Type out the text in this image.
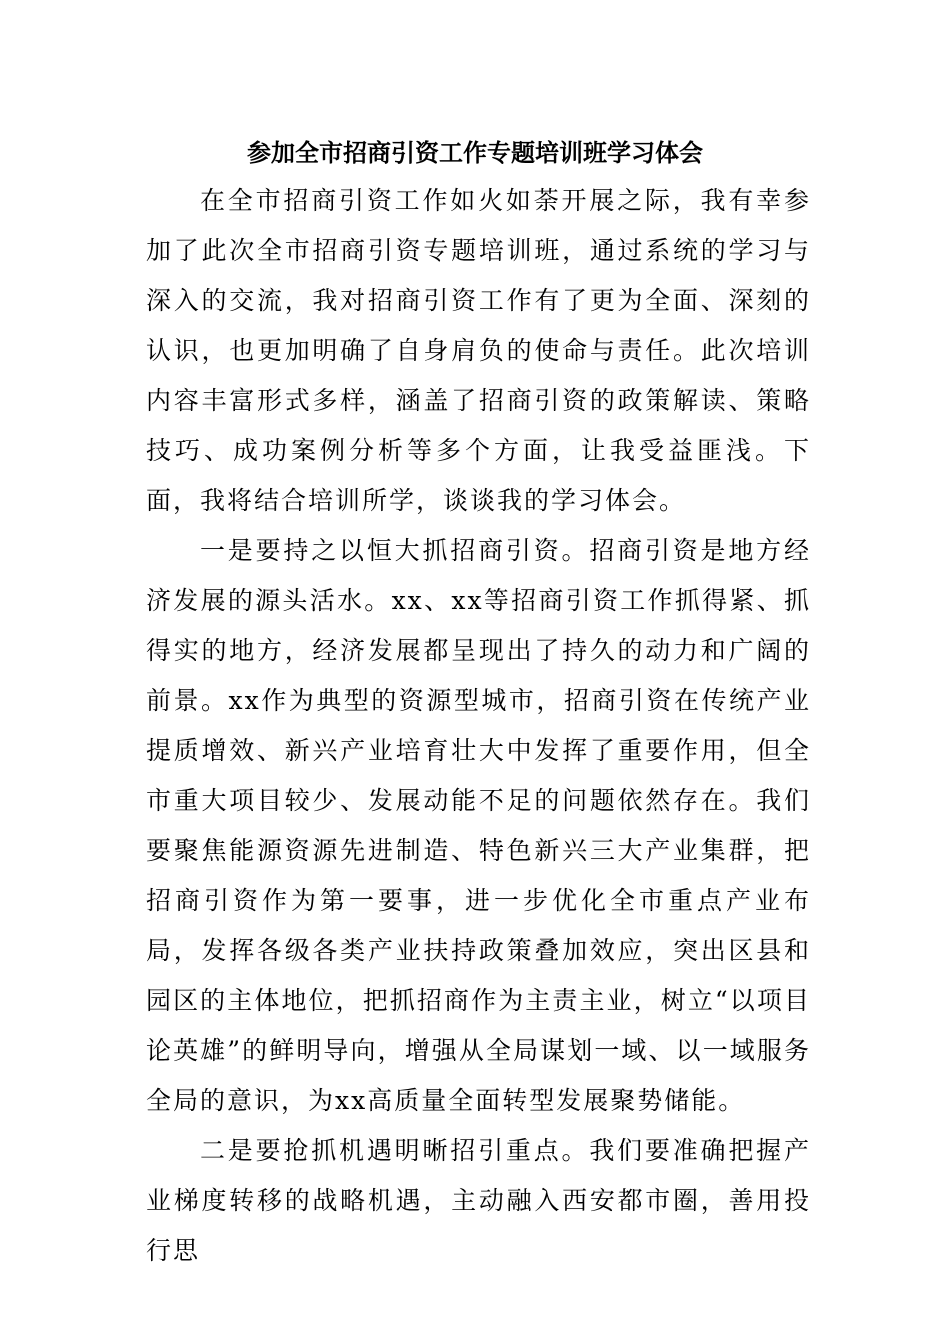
参加全市招商引资工作专题培训班学习体会

在全市招商引资工作如火如荼开展之际，我有幸参加了此次全市招商引资专题培训班，通过系统的学习与深入的交流，我对招商引资工作有了更为全面、深刻的认识，也更加明确了自身肩负的使命与责任。此次培训内容丰富形式多样，涵盖了招商引资的政策解读、策略技巧、成功案例分析等多个方面，让我受益匪浅。下面，我将结合培训所学，谈谈我的学习体会。

一是要持之以恒大抓招商引资。招商引资是地方经济发展的源头活水。xx、xx等招商引资工作抓得紧、抓得实的地方，经济发展都呈现出了持久的动力和广阔的前景。xx作为典型的资源型城市，招商引资在传统产业提质增效、新兴产业培育壮大中发挥了重要作用，但全市重大项目较少、发展动能不足的问题依然存在。我们要聚焦能源资源先进制造、特色新兴三大产业集群，把招商引资作为第一要事，进一步优化全市重点产业布局，发挥各级各类产业扶持政策叠加效应，突出区县和园区的主体地位，把抓招商作为主责主业，树立“以项目论英雄”的鲜明导向，增强从全局谋划一域、以一域服务全局的意识，为xx高质量全面转型发展聚势储能。

二是要抢抓机遇明晰招引重点。我们要准确把握产业梯度转移的战略机遇，主动融入西安都市圈，善用投行思
